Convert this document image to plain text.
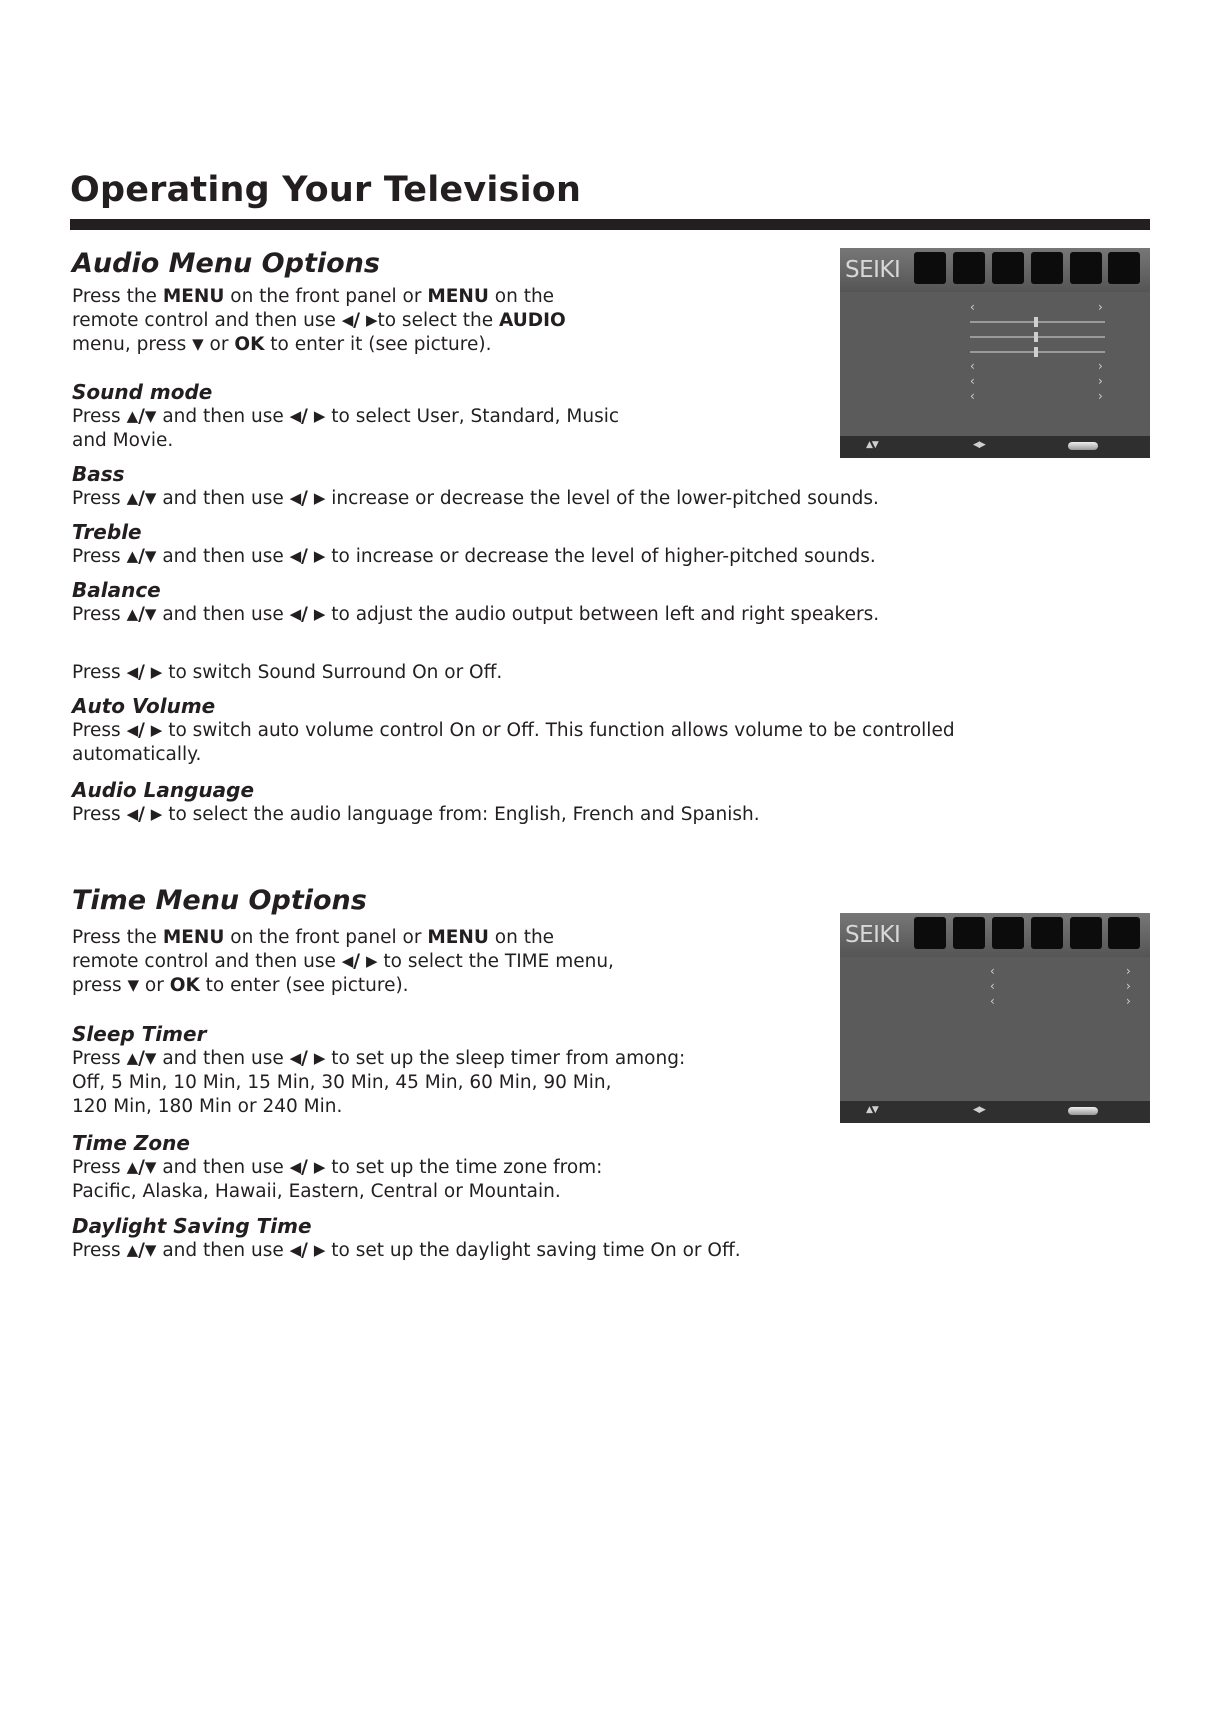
Operating Your Television
Audio Menu Options

Press the MENU on the front panel or MENU on the

remote control and then use ◀/ ▶to select the AUDIO

menu, press ▼ or OK to enter it (see picture).

Sound mode

Press ▲/▼ and then use ◀/ ▶ to select User, Standard, Music

and Movie.

Bass

Press ▲/▼ and then use ◀/ ▶ increase or decrease the level of the lower-pitched sounds.

Treble

Press ▲/▼ and then use ◀/ ▶ to increase or decrease the level of higher-pitched sounds.

Balance

Press ▲/▼ and then use ◀/ ▶ to adjust the audio output between left and right speakers.

Press ◀/ ▶ to switch Sound Surround On or Off.

Auto Volume

Press ◀/ ▶ to switch auto volume control On or Off. This function allows volume to be controlled

automatically.

Audio Language

Press ◀/ ▶ to select the audio language from: English, French and Spanish.

SEIKI
‹	›
‹	›
‹	›
‹	›
▲▼	◀▶
Time Menu Options

Press the MENU on the front panel or MENU on the

remote control and then use ◀/ ▶ to select the TIME menu,

press ▼ or OK to enter (see picture).

Sleep Timer

Press ▲/▼ and then use ◀/ ▶ to set up the sleep timer from among:

Off, 5 Min, 10 Min, 15 Min, 30 Min, 45 Min, 60 Min, 90 Min,

120 Min, 180 Min or 240 Min.

Time Zone

Press ▲/▼ and then use ◀/ ▶ to set up the time zone from:

Pacific, Alaska, Hawaii, Eastern, Central or Mountain.

Daylight Saving Time

Press ▲/▼ and then use ◀/ ▶ to set up the daylight saving time On or Off.

SEIKI
‹	›
‹	›
‹	›
▲▼	◀▶
